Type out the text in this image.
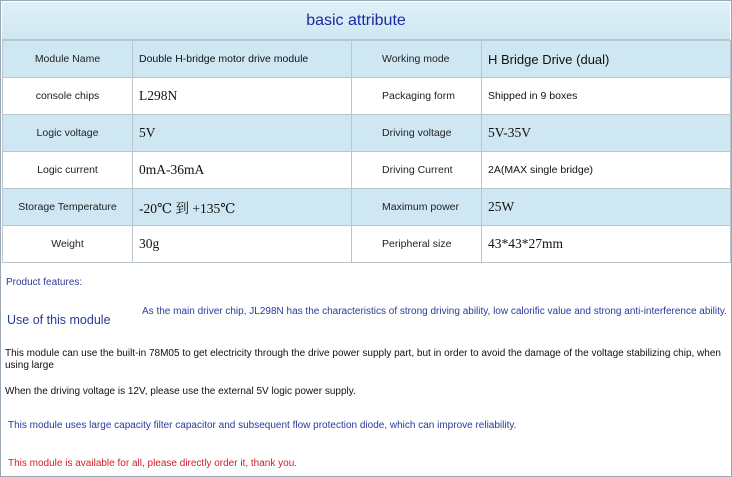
basic attribute
Module Name	Double H-bridge motor drive module	Working mode	H Bridge Drive (dual)
console chips	L298N	Packaging form	Shipped in 9 boxes
Logic voltage	5V	Driving voltage	5V-35V
Logic current	0mA-36mA	Driving Current	2A(MAX single bridge)
Storage Temperature	-20℃ 到 +135℃	Maximum power	25W
Weight	30g	Peripheral size	43*43*27mm
Product features:
Use of this module
As the main driver chip, JL298N has the characteristics of strong driving ability, low calorific value and strong anti-interference ability.
This module can use the built-in 78M05 to get electricity through the drive power supply part, but in order to avoid the damage of the voltage stabilizing chip, when using large
When the driving voltage is 12V, please use the external 5V logic power supply.
This module uses large capacity filter capacitor and subsequent flow protection diode, which can improve reliability.
This module is available for all, please directly order it, thank you.
